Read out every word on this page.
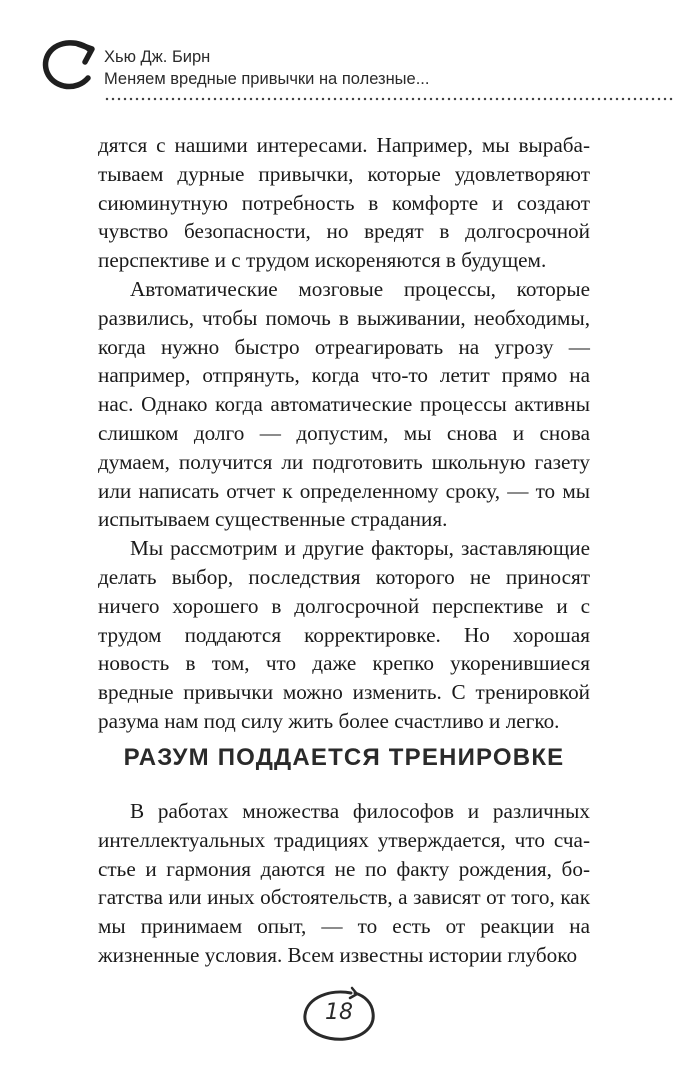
Хью Дж. Бирн
Меняем вредные привычки на полезные...

дятся с нашими интересами. Например, мы вырабатываем дурные привычки, которые удовлетворяют сиюминутную потребность в комфорте и создают чувство безопасности, но вредят в долгосрочной перспективе и с трудом искореняются в будущем.

Автоматические мозговые процессы, которые развились, чтобы помочь в выживании, необходимы, когда нужно быстро отреагировать на угрозу — например, отпрянуть, когда что-то летит прямо на нас. Однако когда автоматические процессы активны слишком долго — допустим, мы снова и снова думаем, получится ли подготовить школьную газету или написать отчет к определенному сроку, — то мы испытываем существенные страдания.

Мы рассмотрим и другие факторы, заставляющие делать выбор, последствия которого не приносят ничего хорошего в долгосрочной перспективе и с трудом поддаются корректировке. Но хорошая новость в том, что даже крепко укоренившиеся вредные привычки можно изменить. С тренировкой разума нам под силу жить более счастливо и легко.

РАЗУМ ПОДДАЕТСЯ ТРЕНИРОВКЕ

В работах множества философов и различных интеллектуальных традициях утверждается, что счастье и гармония даются не по факту рождения, богатства или иных обстоятельств, а зависят от того, как мы принимаем опыт, — то есть от реакции на жизненные условия. Всем известны истории глубоко

18
